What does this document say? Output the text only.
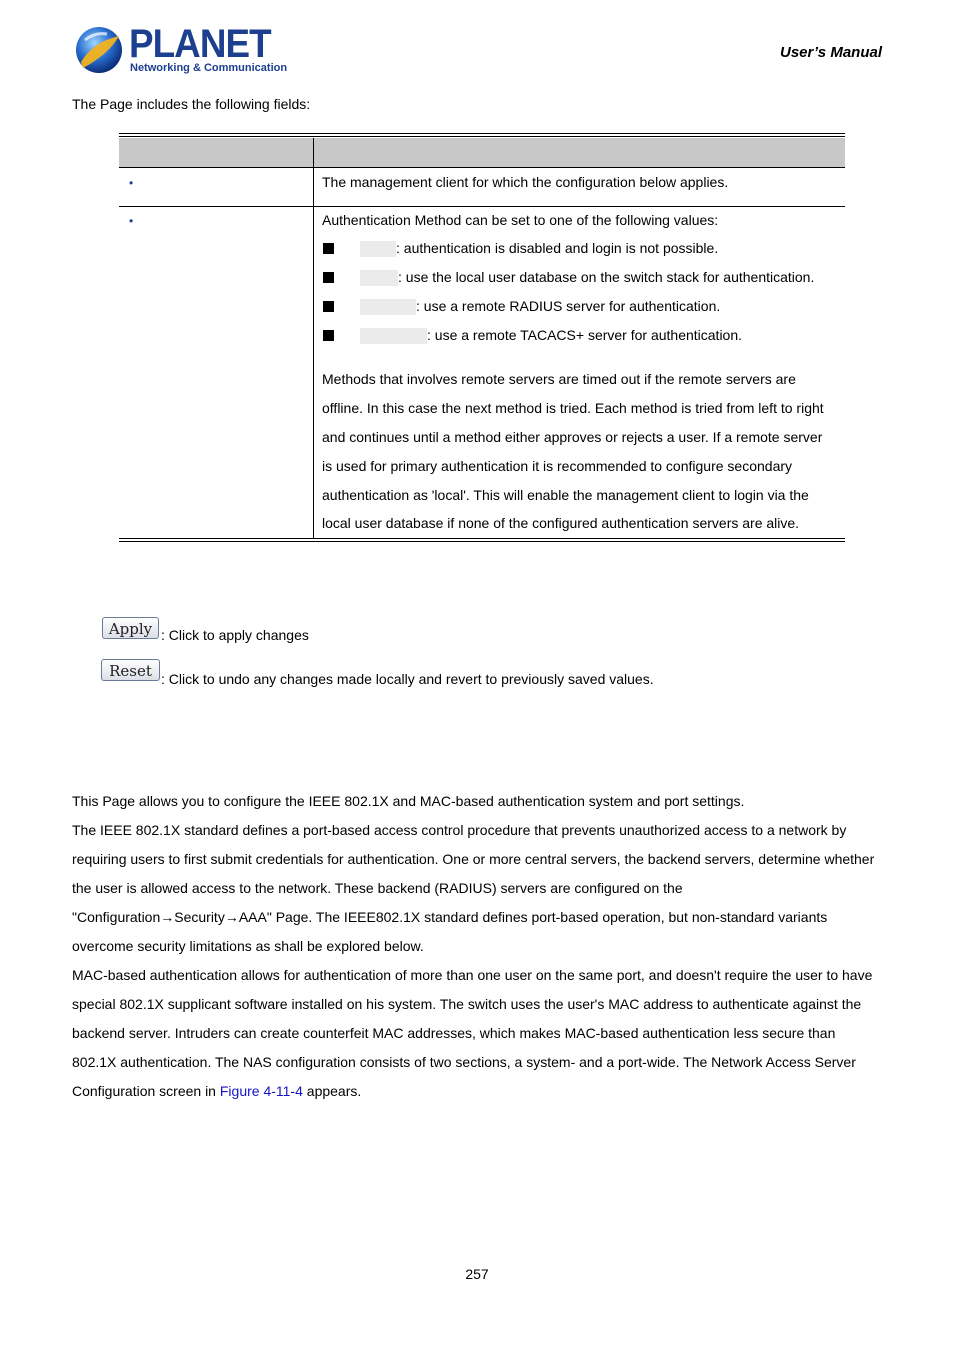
PLANET
Networking & Communication
User’s Manual
The Page includes the following fields:
•	The management client for which the configuration below applies.
•	Authentication Method can be set to one of the following values:
: authentication is disabled and login is not possible.
: use the local user database on the switch stack for authentication.
: use a remote RADIUS server for authentication.
: use a remote TACACS+ server for authentication.
Methods that involves remote servers are timed out if the remote servers are
offline. In this case the next method is tried. Each method is tried from left to right
and continues until a method either approves or rejects a user. If a remote server
is used for primary authentication it is recommended to configure secondary
authentication as 'local'. This will enable the management client to login via the
local user database if none of the configured authentication servers are alive.
Apply : Click to apply changes
Reset : Click to undo any changes made locally and revert to previously saved values.

This Page allows you to configure the IEEE 802.1X and MAC-based authentication system and port settings.

The IEEE 802.1X standard defines a port-based access control procedure that prevents unauthorized access to a network by requiring users to first submit credentials for authentication. One or more central servers, the backend servers, determine whether the user is allowed access to the network. These backend (RADIUS) servers are configured on the "Configuration→Security→AAA" Page. The IEEE802.1X standard defines port-based operation, but non-standard variants overcome security limitations as shall be explored below.

MAC-based authentication allows for authentication of more than one user on the same port, and doesn't require the user to have special 802.1X supplicant software installed on his system. The switch uses the user's MAC address to authenticate against the backend server. Intruders can create counterfeit MAC addresses, which makes MAC-based authentication less secure than 802.1X authentication. The NAS configuration consists of two sections, a system- and a port-wide. The Network Access Server Configuration screen in Figure 4-11-4 appears.

257
